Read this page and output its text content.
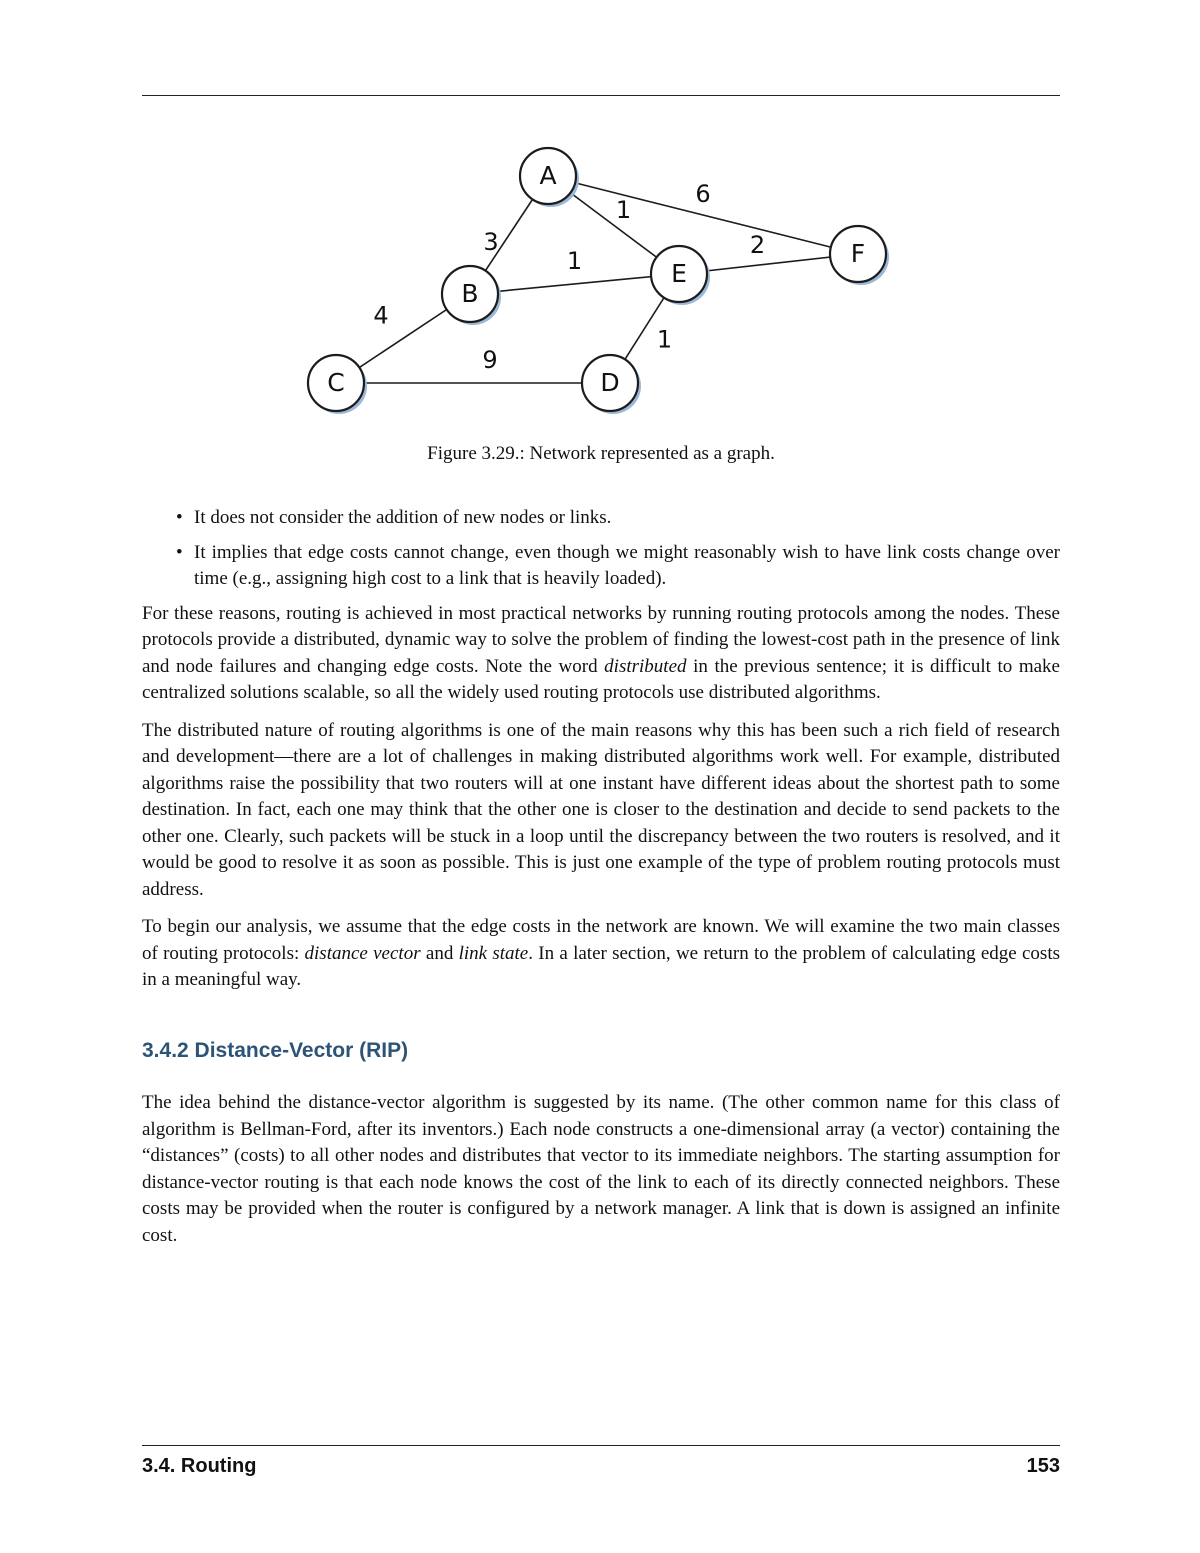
3
1
6
1
4
9
1
2
A
B
C	D
E
F
Figure 3.29.: Network represented as a graph.
• It does not consider the addition of new nodes or links.
• It implies that edge costs cannot change, even though we might reasonably wish to have link costs change over time (e.g., assigning high cost to a link that is heavily loaded).

For these reasons, routing is achieved in most practical networks by running routing protocols among the nodes. These protocols provide a distributed, dynamic way to solve the problem of finding the lowest-cost path in the presence of link and node failures and changing edge costs. Note the word distributed in the previous sentence; it is difficult to make centralized solutions scalable, so all the widely used routing protocols use distributed algorithms.

The distributed nature of routing algorithms is one of the main reasons why this has been such a rich field of research and development—there are a lot of challenges in making distributed algorithms work well. For example, distributed algorithms raise the possibility that two routers will at one instant have different ideas about the shortest path to some destination. In fact, each one may think that the other one is closer to the destination and decide to send packets to the other one. Clearly, such packets will be stuck in a loop until the discrepancy between the two routers is resolved, and it would be good to resolve it as soon as possible. This is just one example of the type of problem routing protocols must address.

To begin our analysis, we assume that the edge costs in the network are known. We will examine the two main classes of routing protocols: distance vector and link state. In a later section, we return to the problem of calculating edge costs in a meaningful way.

3.4.2 Distance-Vector (RIP)

The idea behind the distance-vector algorithm is suggested by its name. (The other common name for this class of algorithm is Bellman-Ford, after its inventors.) Each node constructs a one-dimensional array (a vector) containing the “distances” (costs) to all other nodes and distributes that vector to its immediate neighbors. The starting assumption for distance-vector routing is that each node knows the cost of the link to each of its directly connected neighbors. These costs may be provided when the router is configured by a network manager. A link that is down is assigned an infinite cost.

3.4. Routing	153
